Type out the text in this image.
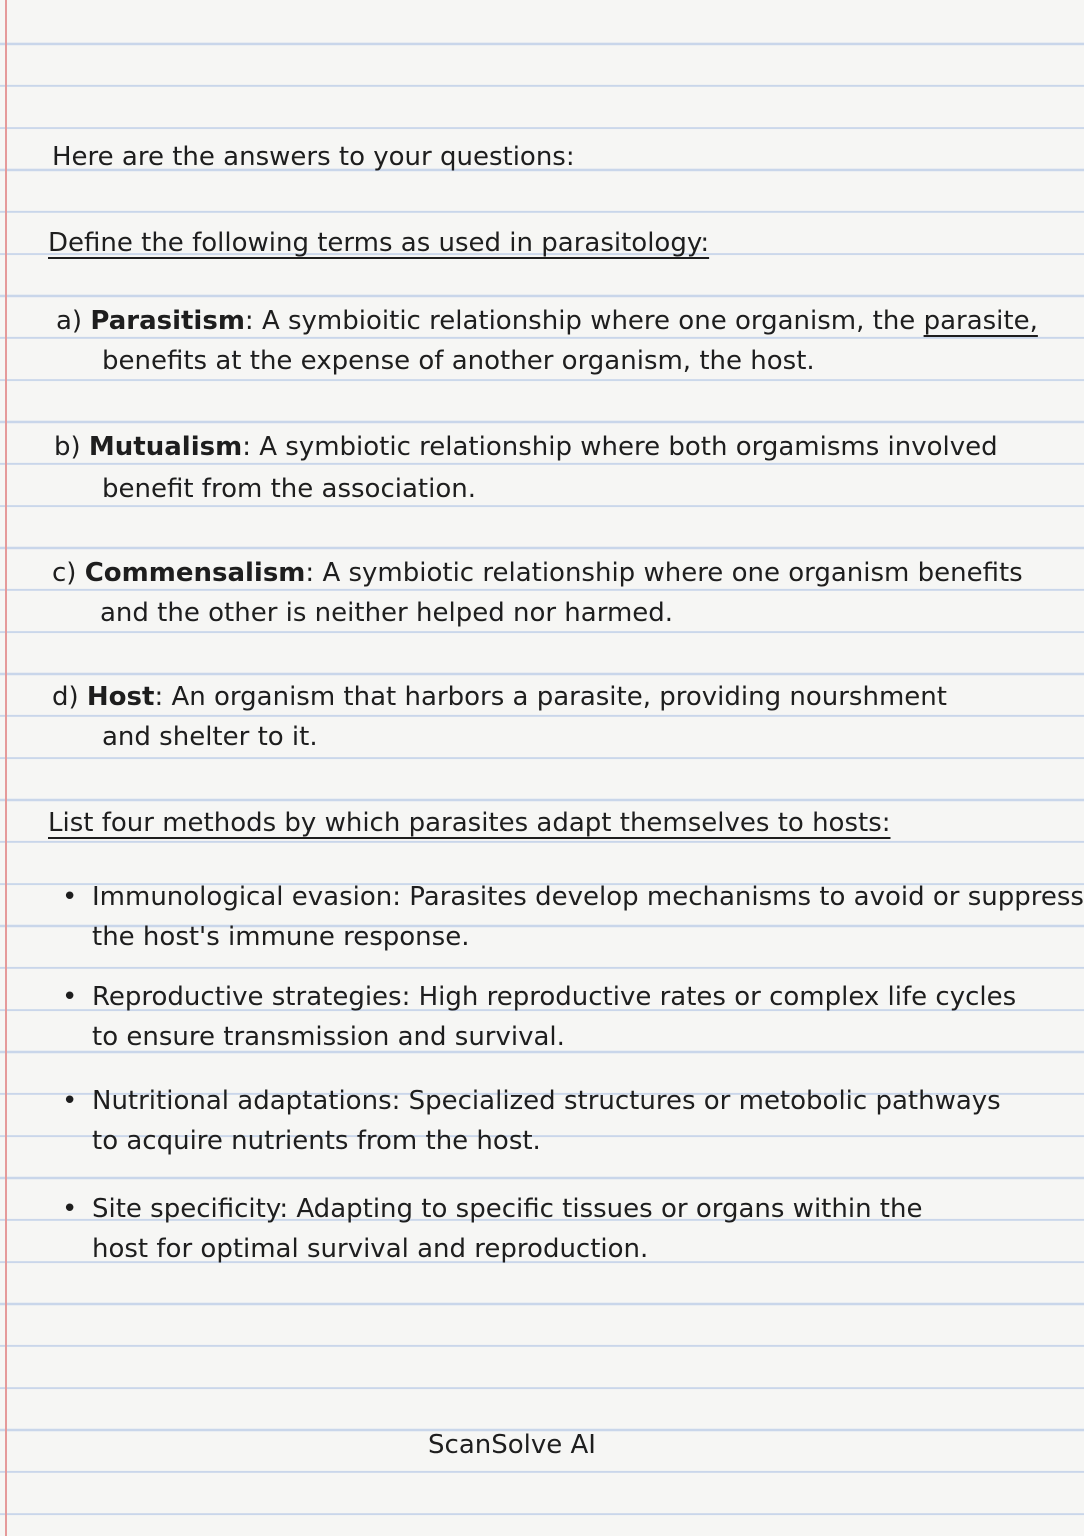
Here are the answers to your questions:
Define the following terms as used in parasitology:
a) Parasitism: A symbioitic relationship where one organism, the parasite,
benefits at the expense of another organism, the host.
b) Mutualism: A symbiotic relationship where both orgamisms involved
benefit from the association.
c) Commensalism: A symbiotic relationship where one organism benefits
and the other is neither helped nor harmed.
d) Host: An organism that harbors a parasite, providing nourshment
and shelter to it.
List four methods by which parasites adapt themselves to hosts:
• Immunological evasion: Parasites develop mechanisms to avoid or suppress
the host's immune response.
• Reproductive strategies: High reproductive rates or complex life cycles
to ensure transmission and survival.
• Nutritional adaptations: Specialized structures or metobolic pathways
to acquire nutrients from the host.
• Site specificity: Adapting to specific tissues or organs within the
host for optimal survival and reproduction.
ScanSolve AI
